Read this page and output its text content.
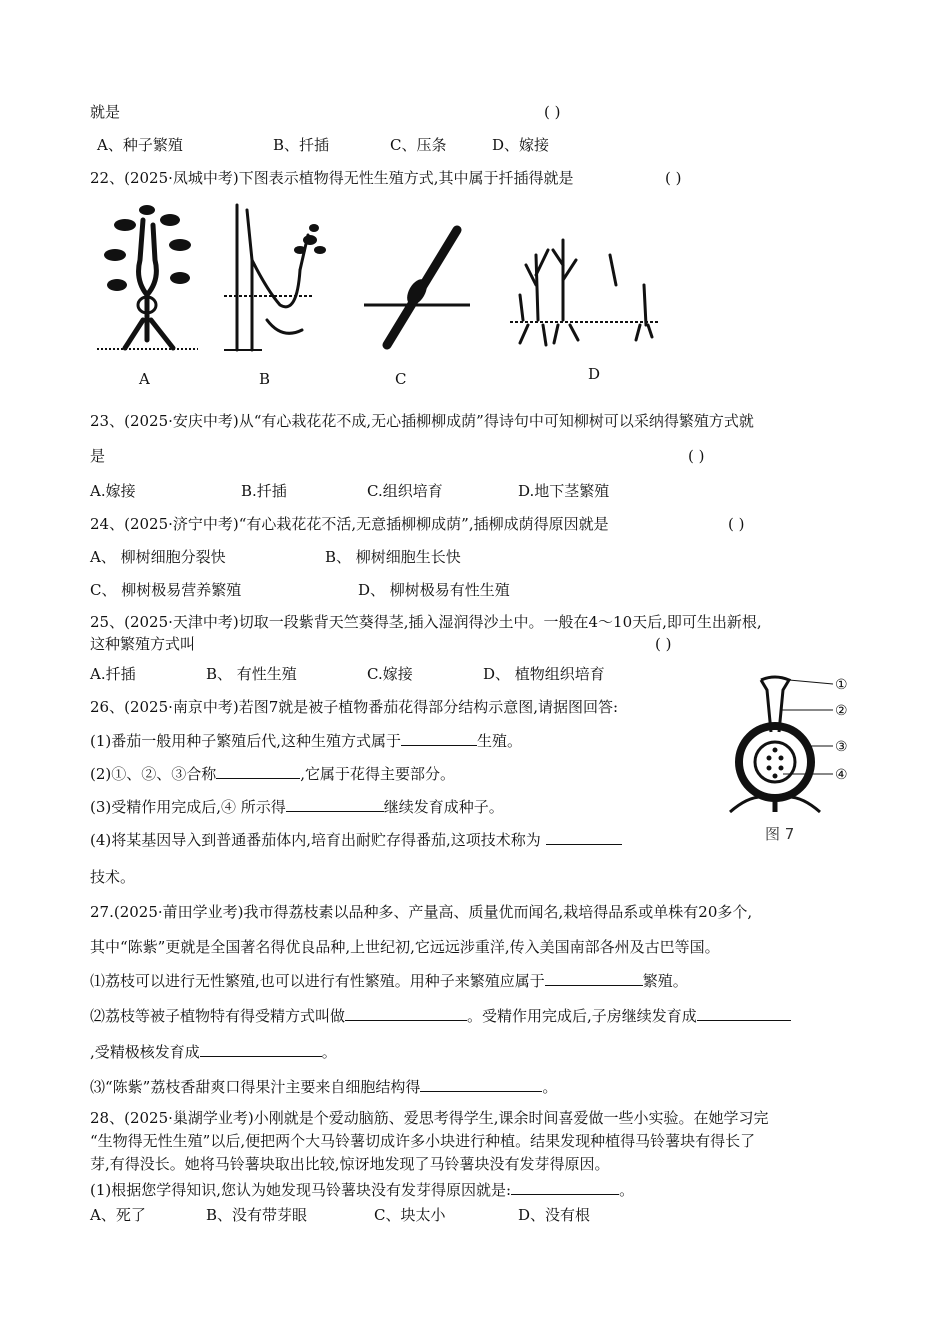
就是	( )
A、种子繁殖	B、扦插	C、压条	D、嫁接
22、(2025·凤城中考)下图表示植物得无性生殖方式,其中属于扦插得就是	( )
A	B	C	D
23、(2025·安庆中考)从“有心栽花花不成,无心插柳柳成荫”得诗句中可知柳树可以采纳得繁殖方式就
是	( )
A.嫁接	B.扦插	C.组织培育	D.地下茎繁殖
24、(2025·济宁中考)“有心栽花花不活,无意插柳柳成荫”,插柳成荫得原因就是	( )
A、 柳树细胞分裂快	B、 柳树细胞生长快
C、 柳树极易营养繁殖	D、 柳树极易有性生殖
25、(2025·天津中考)切取一段紫背天竺葵得茎,插入湿润得沙土中。一般在4～10天后,即可生出新根,
这种繁殖方式叫	( )
A.扦插	B、 有性生殖	C.嫁接	D、 植物组织培育
26、(2025·南京中考)若图7就是被子植物番茄花得部分结构示意图,请据图回答:
(1)番茄一般用种子繁殖后代,这种生殖方式属于	生殖。
(2)①、②、③合称	,它属于花得主要部分。
(3)受精作用完成后,④ 所示得	继续发育成种子。
(4)将某基因导入到普通番茄体内,培育出耐贮存得番茄,这项技术称为
技术。
①
②
③
④
图 7
27.(2025·莆田学业考)我市得荔枝素以品种多、产量高、质量优而闻名,栽培得品系或单株有20多个,
其中“陈紫”更就是全国著名得优良品种,上世纪初,它远远涉重洋,传入美国南部各州及古巴等国。
⑴荔枝可以进行无性繁殖,也可以进行有性繁殖。用种子来繁殖应属于	繁殖。
⑵荔枝等被子植物特有得受精方式叫做	。受精作用完成后,子房继续发育成
,受精极核发育成	。
⑶“陈紫”荔枝香甜爽口得果汁主要来自细胞结构得	。
28、(2025·巢湖学业考)小刚就是个爱动脑筋、爱思考得学生,课余时间喜爱做一些小实验。在她学习完
“生物得无性生殖”以后,便把两个大马铃薯切成许多小块进行种植。结果发现种植得马铃薯块有得长了
芽,有得没长。她将马铃薯块取出比较,惊讶地发现了马铃薯块没有发芽得原因。
(1)根据您学得知识,您认为她发现马铃薯块没有发芽得原因就是:	。
A、死了	B、没有带芽眼	C、块太小	D、没有根
